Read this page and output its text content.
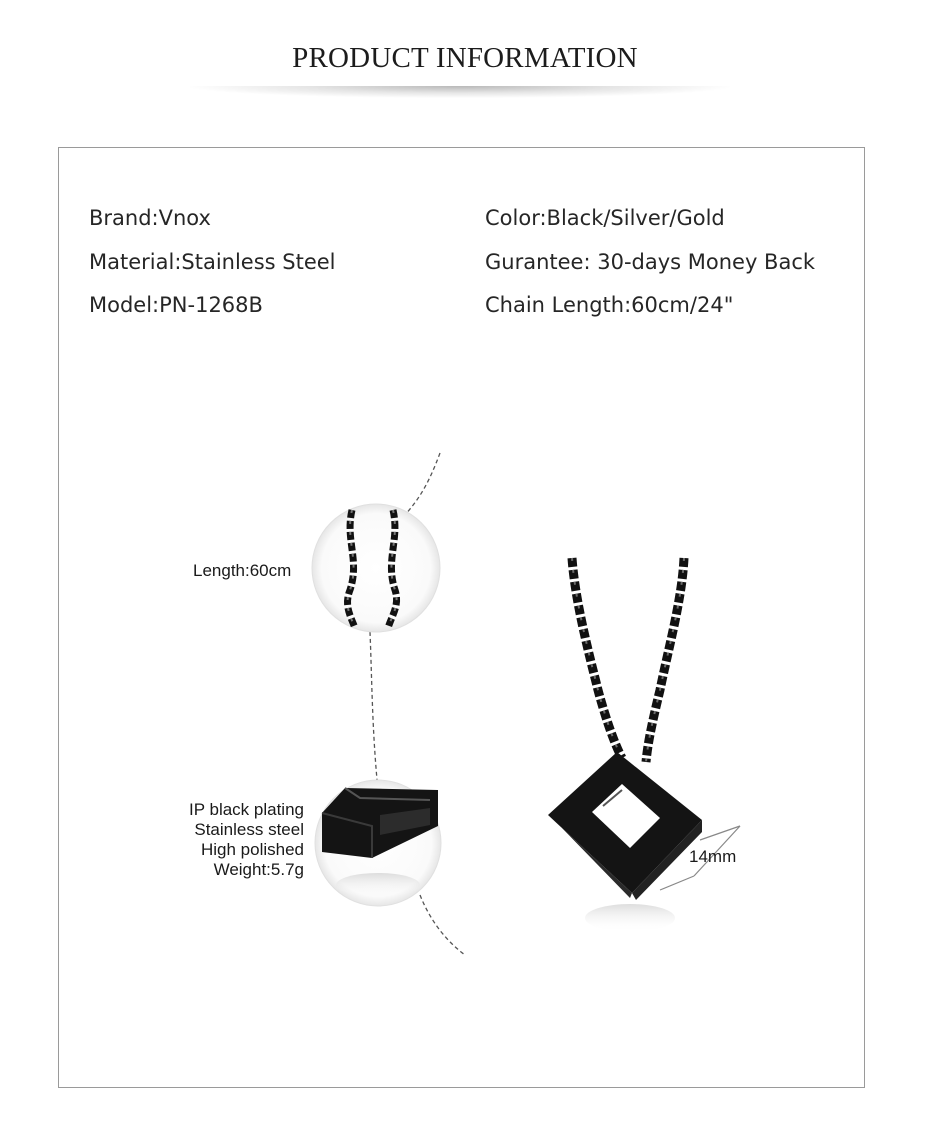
PRODUCT INFORMATION
Brand:Vnox
Material:Stainless Steel
Model:PN-1268B
Color:Black/Silver/Gold
Gurantee: 30-days Money Back
Chain Length:60cm/24"
Length:60cm
IP black plating
Stainless steel
High polished
Weight:5.7g
14mm
